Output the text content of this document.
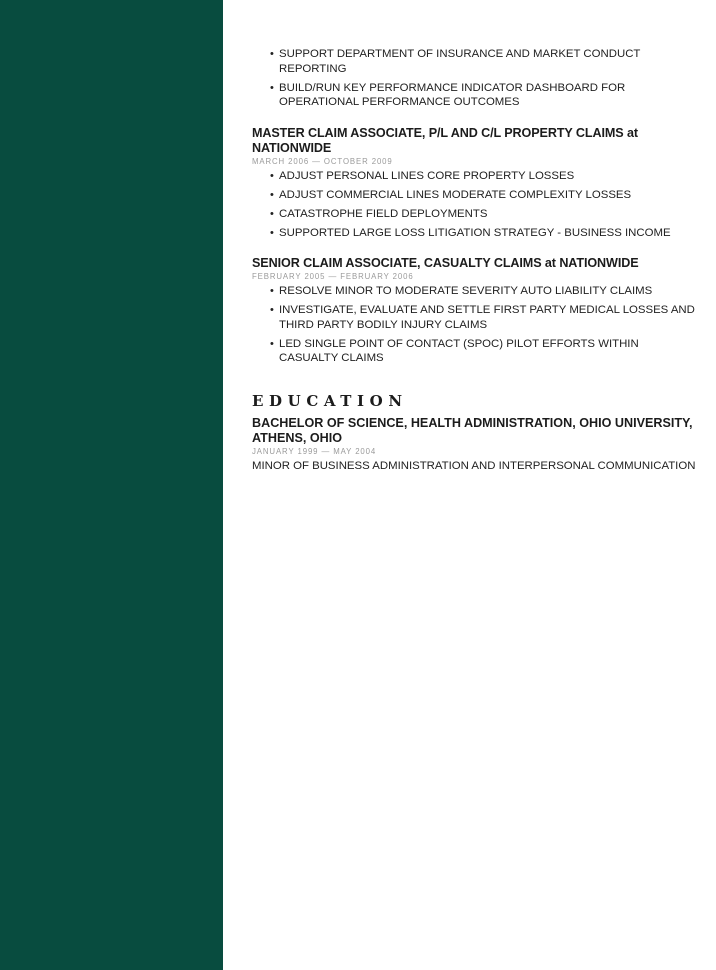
• SUPPORT DEPARTMENT OF INSURANCE AND MARKET CONDUCT REPORTING
• BUILD/RUN KEY PERFORMANCE INDICATOR DASHBOARD FOR OPERATIONAL PERFORMANCE OUTCOMES
MASTER CLAIM ASSOCIATE, P/L AND C/L PROPERTY CLAIMS at NATIONWIDE
MARCH 2006 — OCTOBER 2009
• ADJUST PERSONAL LINES CORE PROPERTY LOSSES
• ADJUST COMMERCIAL LINES MODERATE COMPLEXITY LOSSES
• CATASTROPHE FIELD DEPLOYMENTS
• SUPPORTED LARGE LOSS LITIGATION STRATEGY - BUSINESS INCOME
SENIOR CLAIM ASSOCIATE, CASUALTY CLAIMS at NATIONWIDE
FEBRUARY 2005 — FEBRUARY 2006
• RESOLVE MINOR TO MODERATE SEVERITY AUTO LIABILITY CLAIMS
• INVESTIGATE, EVALUATE AND SETTLE FIRST PARTY MEDICAL LOSSES AND THIRD PARTY BODILY INJURY CLAIMS
• LED SINGLE POINT OF CONTACT (SPOC) PILOT EFFORTS WITHIN CASUALTY CLAIMS
EDUCATION
BACHELOR OF SCIENCE, HEALTH ADMINISTRATION, OHIO UNIVERSITY, ATHENS, OHIO
JANUARY 1999 — MAY 2004
MINOR OF BUSINESS ADMINISTRATION AND INTERPERSONAL COMMUNICATION
